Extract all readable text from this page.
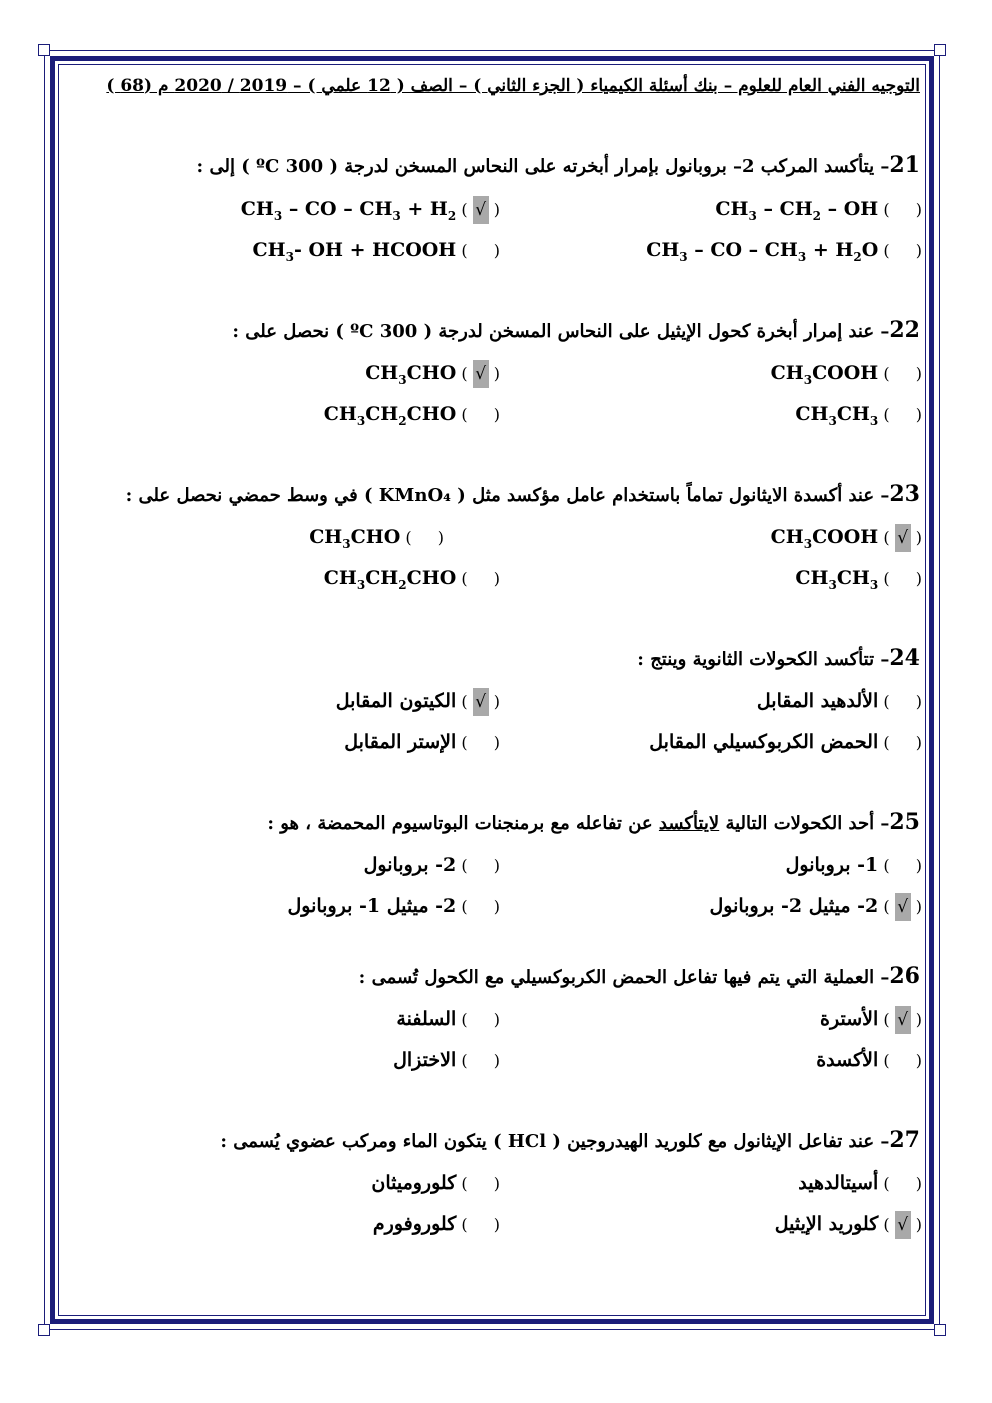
التوجيه الفني العام للعلوم – بنك أسئلة الكيمياء ( الجزء الثاني ) – الصف ( 12 علمي ) – 2019 / 2020 م (68 )
21– يتأكسد المركب 2– بروبانول بإمرار أبخرته على النحاس المسخن لدرجة ( 300 ºC ) إلى :
(  ) $CH_3 - CH_2$ – OH
( √ ) $CH_3$ – CO – $CH_3 + H_2$
(  ) $CH_3$ – CO – $CH_3 + H_2O$
(  ) $CH_3-$ OH + HCOOH
22– عند إمرار أبخرة كحول الإيثيل على النحاس المسخن لدرجة ( 300 ºC ) نحصل على :
(  ) $CH_3COOH$
( √ ) $CH_3CHO$
(  ) $CH_3CH_3$
(  ) $CH_3CH_2CHO$
23– عند أكسدة الايثانول تماماً باستخدام عامل مؤكسد مثل ( KMnO₄ ) في وسط حمضي نحصل على :
( √ ) $CH_3COOH$
(  ) $CH_3CHO$
(  ) $CH_3CH_3$
(  ) $CH_3CH_2CHO$
24– تتأكسد الكحولات الثانوية وينتج :
(  ) الألدهيد المقابل
( √ ) الكيتون المقابل
(  ) الحمض الكربوكسيلي المقابل
(  ) الإستر المقابل
25– أحد الكحولات التالية لايتأكسد عن تفاعله مع برمنجنات البوتاسيوم المحمضة ، هو :
(  ) 1- بروبانول
(  ) 2- بروبانول
( √ ) 2- ميثيل 2- بروبانول
(  ) 2- ميثيل 1- بروبانول
26– العملية التي يتم فيها تفاعل الحمض الكربوكسيلي مع الكحول تُسمى :
( √ ) الأسترة
(  ) السلفنة
(  ) الأكسدة
(  ) الاختزال
27– عند تفاعل الإيثانول مع كلوريد الهيدروجين ( HCl ) يتكون الماء ومركب عضوي يُسمى :
(  ) أسيتالدهيد
(  ) كلوروميثان
( √ ) كلوريد الإيثيل
(  ) كلوروفورم
